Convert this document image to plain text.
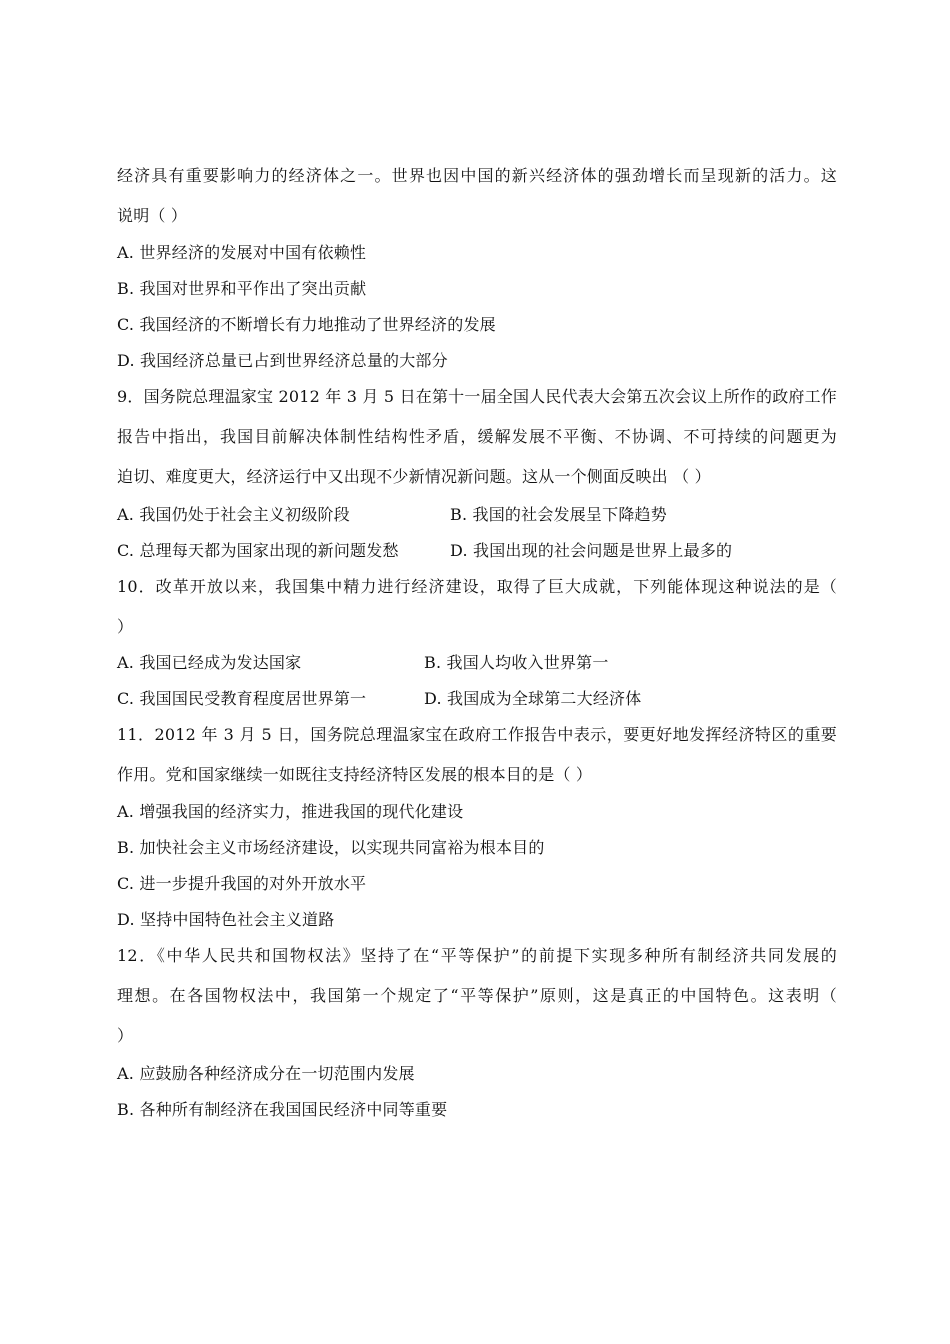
经济具有重要影响力的经济体之一。世界也因中国的新兴经济体的强劲增长而呈现新的活力。这
说明（ ）
A. 世界经济的发展对中国有依赖性
B. 我国对世界和平作出了突出贡献
C. 我国经济的不断增长有力地推动了世界经济的发展
D. 我国经济总量已占到世界经济总量的大部分
9．国务院总理温家宝 2012 年 3 月 5 日在第十一届全国人民代表大会第五次会议上所作的政府工作
报告中指出，我国目前解决体制性结构性矛盾，缓解发展不平衡、不协调、不可持续的问题更为
迫切、难度更大，经济运行中又出现不少新情况新问题。这从一个侧面反映出 （ ）
A. 我国仍处于社会主义初级阶段	B. 我国的社会发展呈下降趋势
C. 总理每天都为国家出现的新问题发愁	D. 我国出现的社会问题是世界上最多的
10．改革开放以来，我国集中精力进行经济建设，取得了巨大成就，下列能体现这种说法的是（
）
A. 我国已经成为发达国家	B. 我国人均收入世界第一
C. 我国国民受教育程度居世界第一	D. 我国成为全球第二大经济体
11．2012 年 3 月 5 日，国务院总理温家宝在政府工作报告中表示，要更好地发挥经济特区的重要
作用。党和国家继续一如既往支持经济特区发展的根本目的是（ ）
A. 增强我国的经济实力，推进我国的现代化建设
B. 加快社会主义市场经济建设，以实现共同富裕为根本目的
C. 进一步提升我国的对外开放水平
D. 坚持中国特色社会主义道路
12．《中华人民共和国物权法》坚持了在“平等保护”的前提下实现多种所有制经济共同发展的
理想。在各国物权法中，我国第一个规定了“平等保护”原则，这是真正的中国特色。这表明（
）
A. 应鼓励各种经济成分在一切范围内发展
B. 各种所有制经济在我国国民经济中同等重要
